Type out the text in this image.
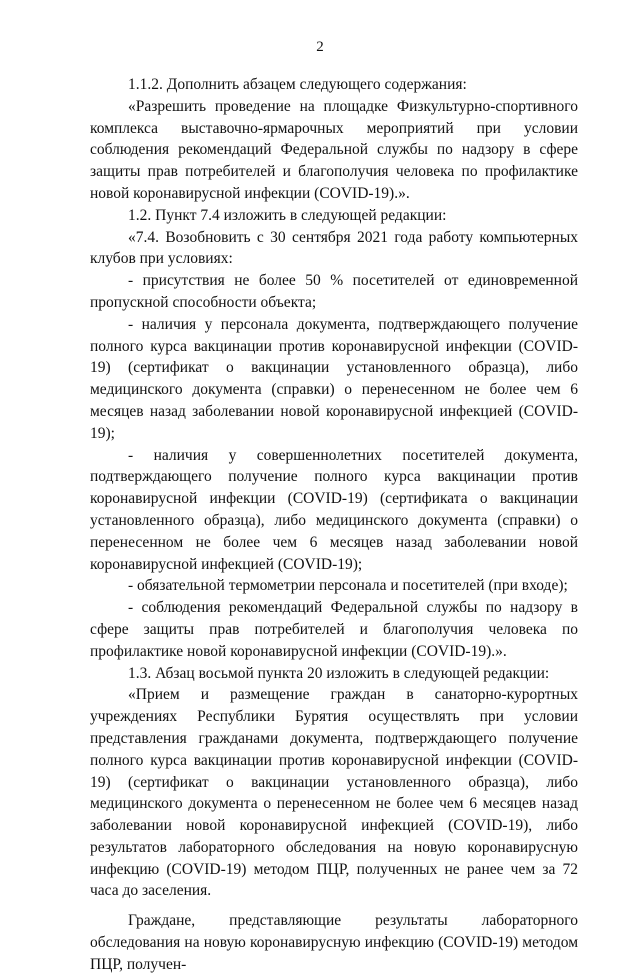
2

1.1.2. Дополнить абзацем следующего содержания:

«Разрешить проведение на площадке Физкультурно-спортивного комплекса выставочно-ярмарочных мероприятий при условии соблюдения рекомендаций Федеральной службы по надзору в сфере защиты прав потребителей и благополучия человека по профилактике новой коронавирусной инфекции (COVID-19).».

1.2. Пункт 7.4 изложить в следующей редакции:

«7.4. Возобновить с 30 сентября 2021 года работу компьютерных клубов при условиях:

- присутствия не более 50 % посетителей от единовременной пропускной способности объекта;

- наличия у персонала документа, подтверждающего получение полного курса вакцинации против коронавирусной инфекции (COVID-19) (сертификат о вакцинации установленного образца), либо медицинского документа (справки) о перенесенном не более чем 6 месяцев назад заболевании новой коронавирусной инфекцией (COVID-19);

- наличия у совершеннолетних посетителей документа, подтверждающего получение полного курса вакцинации против коронавирусной инфекции (COVID-19) (сертификата о вакцинации установленного образца), либо медицинского документа (справки) о перенесенном не более чем 6 месяцев назад заболевании новой коронавирусной инфекцией (COVID-19);

- обязательной термометрии персонала и посетителей (при входе);

- соблюдения рекомендаций Федеральной службы по надзору в сфере защиты прав потребителей и благополучия человека по профилактике новой коронавирусной инфекции (COVID-19).».

1.3. Абзац восьмой пункта 20 изложить в следующей редакции:

«Прием и размещение граждан в санаторно-курортных учреждениях Республики Бурятия осуществлять при условии представления гражданами документа, подтверждающего получение полного курса вакцинации против коронавирусной инфекции (COVID-19) (сертификат о вакцинации установленного образца), либо медицинского документа о перенесенном не более чем 6 месяцев назад заболевании новой коронавирусной инфекцией (COVID-19), либо результатов лабораторного обследования на новую коронавирусную инфекцию (COVID-19) методом ПЦР, полученных не ранее чем за 72 часа до заселения.

Граждане, представляющие результаты лабораторного обследования на новую коронавирусную инфекцию (COVID-19) методом ПЦР, получен-
